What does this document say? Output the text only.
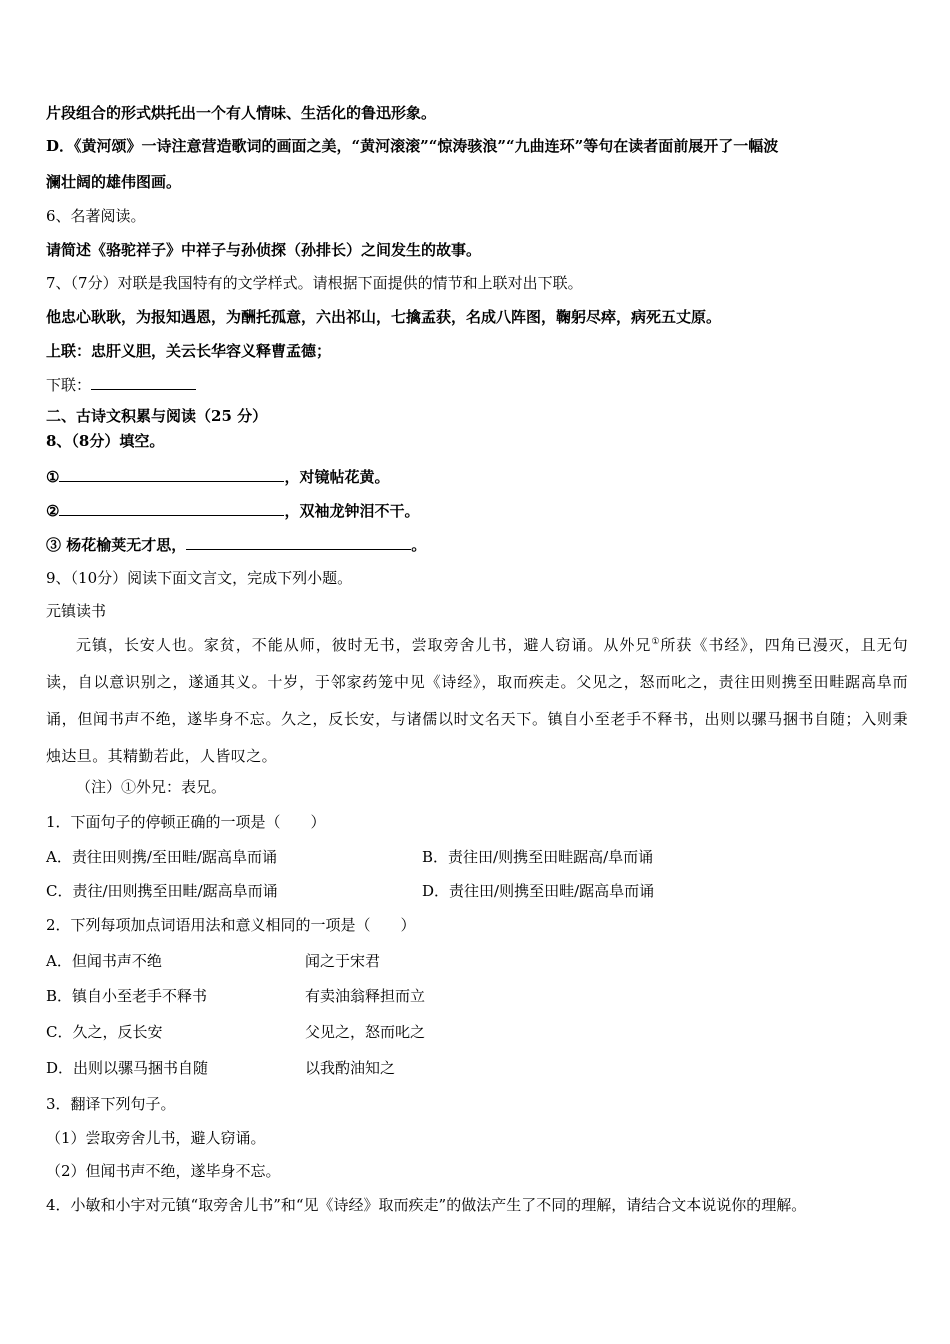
片段组合的形式烘托出一个有人情味、生活化的鲁迅形象。
D．《黄河颂》一诗注意营造歌词的画面之美，“黄河滚滚”“惊涛骇浪”“九曲连环”等句在读者面前展开了一幅波
澜壮阔的雄伟图画。
6、名著阅读。
请简述《骆驼祥子》中祥子与孙侦探（孙排长）之间发生的故事。
7、（7分）对联是我国特有的文学样式。请根据下面提供的情节和上联对出下联。
他忠心耿耿，为报知遇恩，为酬托孤意，六出祁山，七擒孟获，名成八阵图，鞠躬尽瘁，病死五丈原。
上联：忠肝义胆，关云长华容义释曹孟德；
下联：
二、古诗文积累与阅读（25 分）
8、（8分）填空。
①	，对镜帖花黄。
②	，双袖龙钟泪不干。
③ 杨花榆荚无才思，	。
9、（10分）阅读下面文言文，完成下列小题。
元镇读书
元镇，长安人也。家贫，不能从师，彼时无书，尝取旁舍儿书，避人窃诵。从外兄①所获《书经》，四角已漫灭，且无句读，自以意识别之，遂通其义。十岁，于邻家药笼中见《诗经》，取而疾走。父见之，怒而叱之，责往田则携至田畦踞高阜而诵，但闻书声不绝，遂毕身不忘。久之，反长安，与诸儒以时文名天下。镇自小至老手不释书，出则以骡马捆书自随；入则秉烛达旦。其精勤若此，人皆叹之。
（注）①外兄：表兄。
1．下面句子的停顿正确的一项是（　　）
A．责往田则携/至田畦/踞高阜而诵	B．责往田/则携至田畦踞高/阜而诵
C．责往/田则携至田畦/踞高阜而诵	D．责往田/则携至田畦/踞高阜而诵
2．下列每项加点词语用法和意义相同的一项是（　　）
A．但闻书声不绝	闻之于宋君
B．镇自小至老手不释书	有卖油翁释担而立
C．久之，反长安	父见之，怒而叱之
D．出则以骡马捆书自随	以我酌油知之
3．翻译下列句子。
（1）尝取旁舍儿书，避人窃诵。
（2）但闻书声不绝，遂毕身不忘。
4．小敏和小宇对元镇“取旁舍儿书”和“见《诗经》取而疾走”的做法产生了不同的理解，请结合文本说说你的理解。
